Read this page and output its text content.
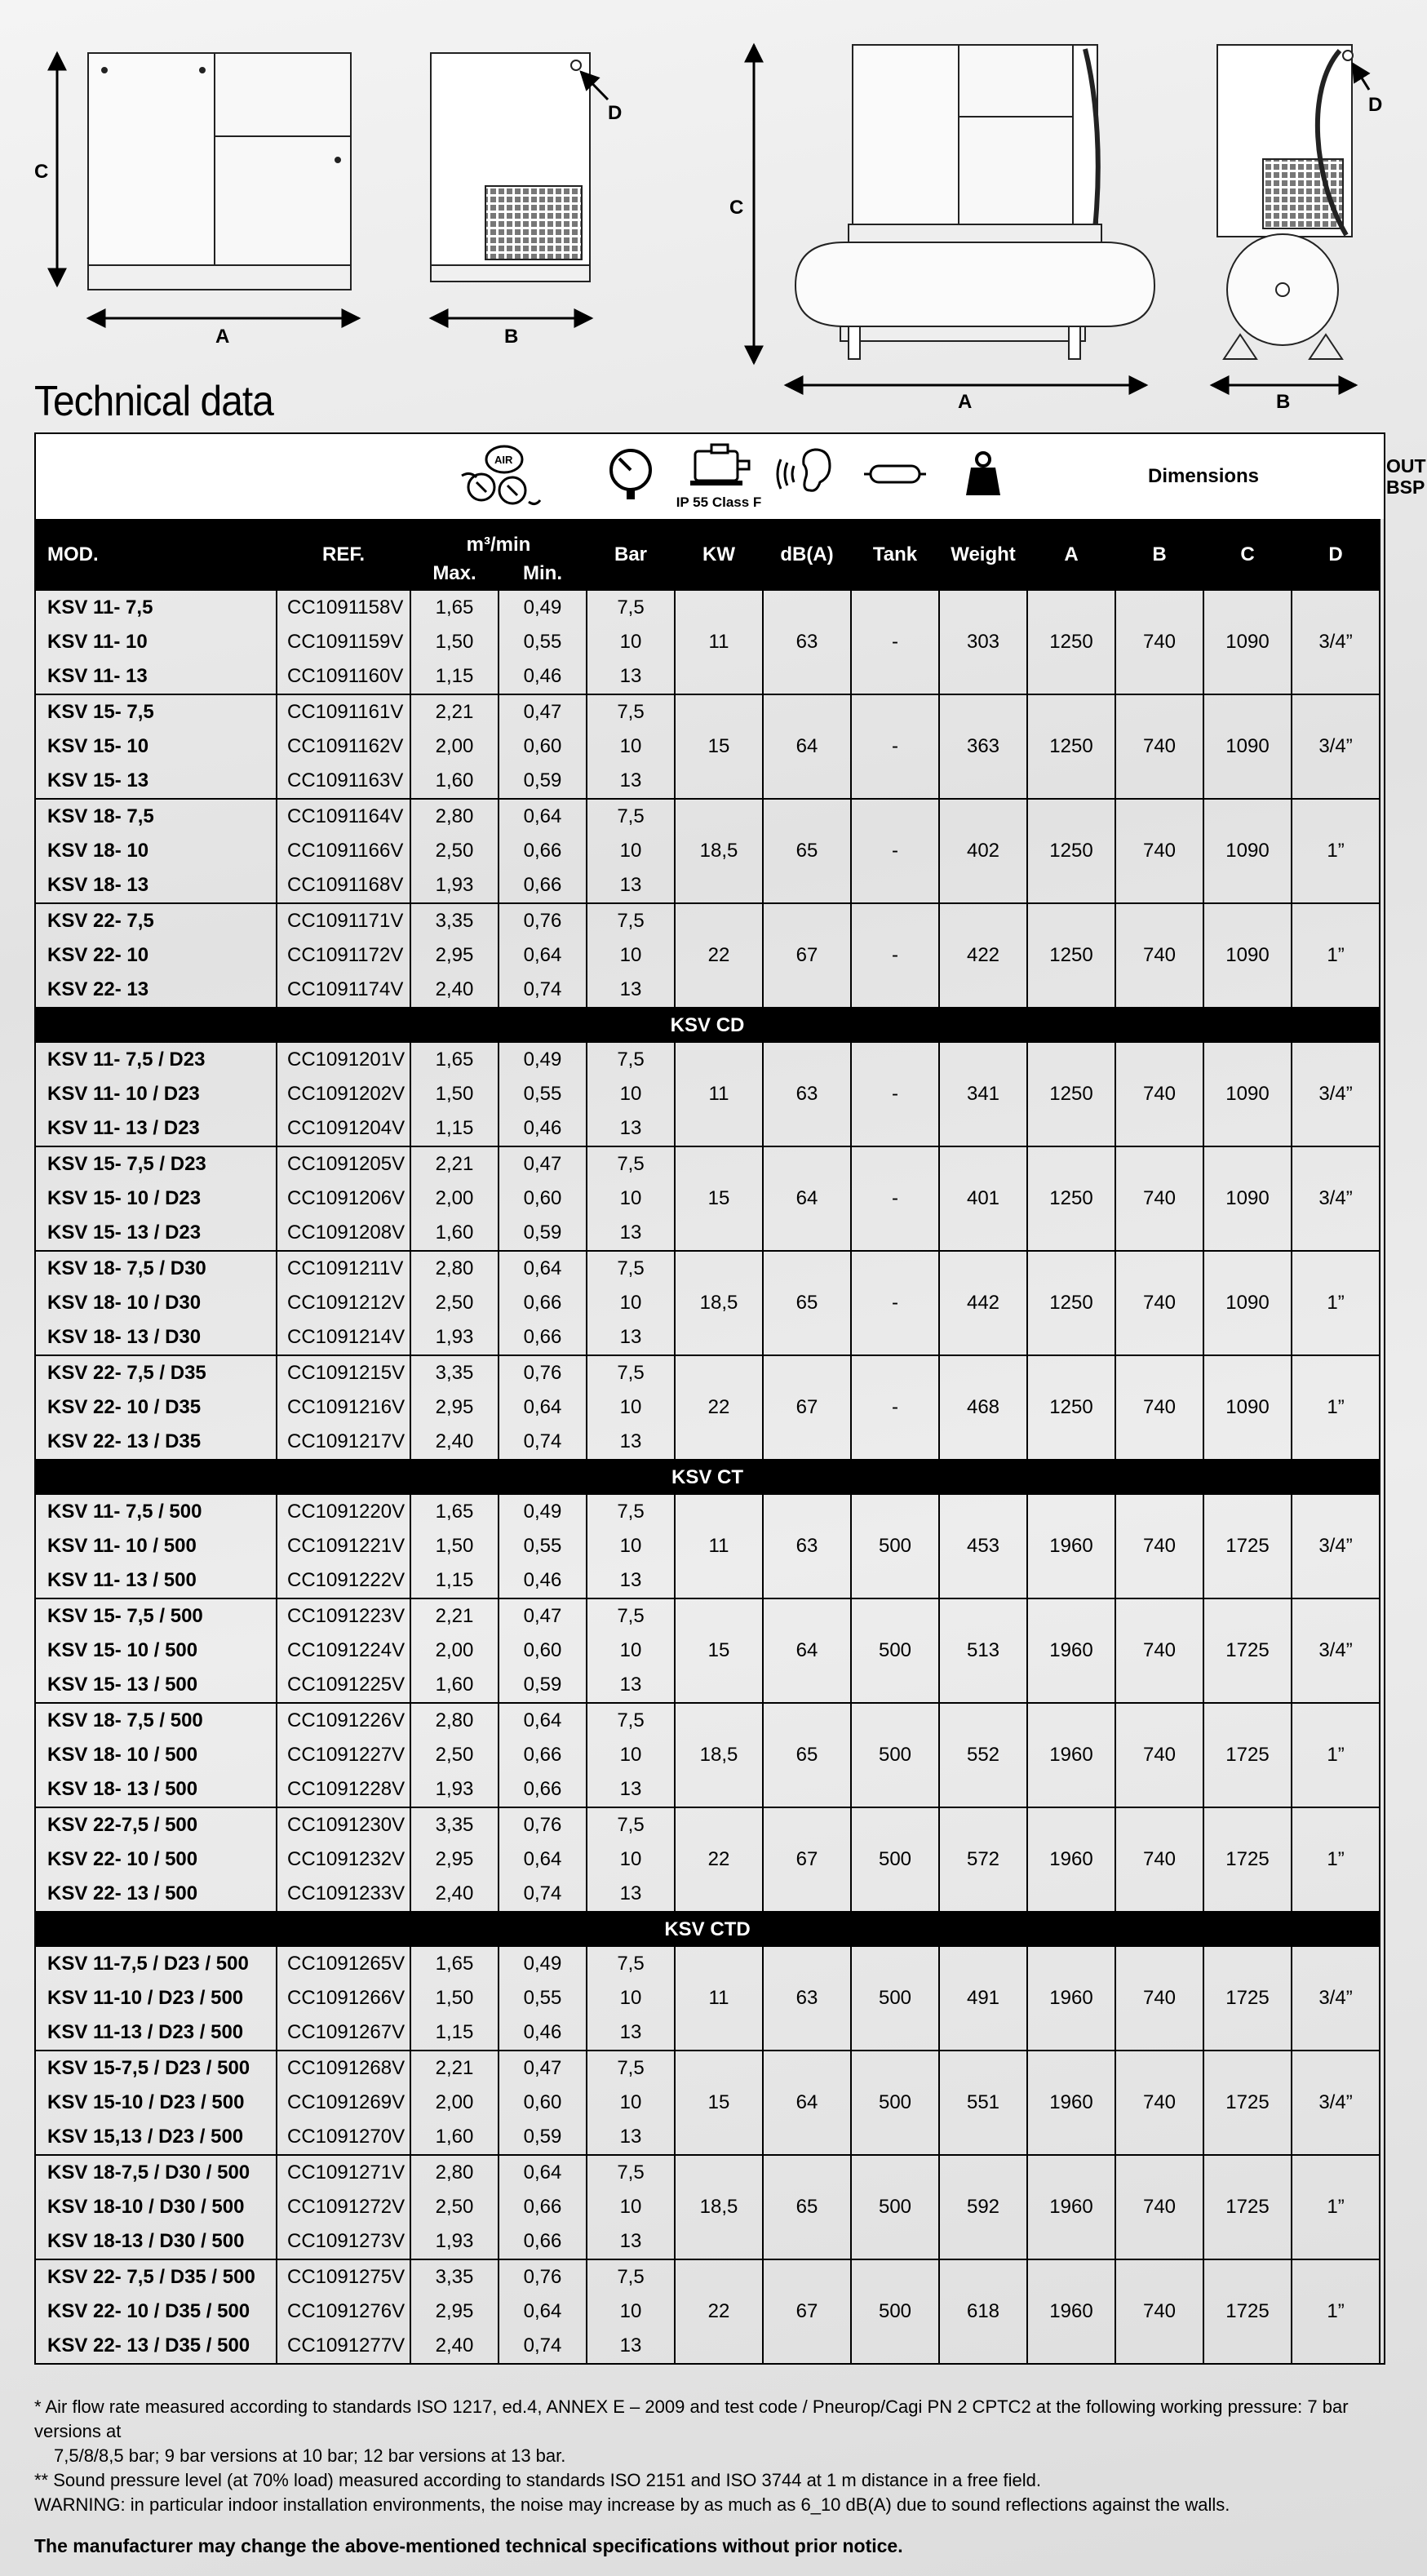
C
A
D
B
C
A
D
B
Technical data

AIR			IP 55 Class F				Dimensions				OUT BSP
MOD.	REF.	m³/min		Bar	KW	dB(A)	Tank	Weight	A	B	C	D	
		Max.	Min.										
KSV 11- 7,5	CC1091158V	1,65	0,49	7,5	11	63	-	303	1250	740	1090	3/4”	
KSV 11- 10	CC1091159V	1,50	0,55	10									
KSV 11- 13	CC1091160V	1,15	0,46	13									
KSV 15- 7,5	CC1091161V	2,21	0,47	7,5	15	64	-	363	1250	740	1090	3/4”	
KSV 15- 10	CC1091162V	2,00	0,60	10									
KSV 15- 13	CC1091163V	1,60	0,59	13									
KSV 18- 7,5	CC1091164V	2,80	0,64	7,5	18,5	65	-	402	1250	740	1090	1”	
KSV 18- 10	CC1091166V	2,50	0,66	10									
KSV 18- 13	CC1091168V	1,93	0,66	13									
KSV 22- 7,5	CC1091171V	3,35	0,76	7,5	22	67	-	422	1250	740	1090	1”	
KSV 22- 10	CC1091172V	2,95	0,64	10									
KSV 22- 13	CC1091174V	2,40	0,74	13									
KSV CD													
KSV 11- 7,5 / D23	CC1091201V	1,65	0,49	7,5	11	63	-	341	1250	740	1090	3/4”	
KSV 11- 10 / D23	CC1091202V	1,50	0,55	10									
KSV 11- 13 / D23	CC1091204V	1,15	0,46	13									
KSV 15- 7,5 / D23	CC1091205V	2,21	0,47	7,5	15	64	-	401	1250	740	1090	3/4”	
KSV 15- 10 / D23	CC1091206V	2,00	0,60	10									
KSV 15- 13 / D23	CC1091208V	1,60	0,59	13									
KSV 18- 7,5 / D30	CC1091211V	2,80	0,64	7,5	18,5	65	-	442	1250	740	1090	1”	
KSV 18- 10 / D30	CC1091212V	2,50	0,66	10									
KSV 18- 13 / D30	CC1091214V	1,93	0,66	13									
KSV 22- 7,5 / D35	CC1091215V	3,35	0,76	7,5	22	67	-	468	1250	740	1090	1”	
KSV 22- 10 / D35	CC1091216V	2,95	0,64	10									
KSV 22- 13 / D35	CC1091217V	2,40	0,74	13									
KSV CT													
KSV 11- 7,5 / 500	CC1091220V	1,65	0,49	7,5	11	63	500	453	1960	740	1725	3/4”	
KSV 11- 10 / 500	CC1091221V	1,50	0,55	10									
KSV 11- 13 / 500	CC1091222V	1,15	0,46	13									
KSV 15- 7,5 / 500	CC1091223V	2,21	0,47	7,5	15	64	500	513	1960	740	1725	3/4”	
KSV 15- 10 / 500	CC1091224V	2,00	0,60	10									
KSV 15- 13 / 500	CC1091225V	1,60	0,59	13									
KSV 18- 7,5 / 500	CC1091226V	2,80	0,64	7,5	18,5	65	500	552	1960	740	1725	1”	
KSV 18- 10 / 500	CC1091227V	2,50	0,66	10									
KSV 18- 13 / 500	CC1091228V	1,93	0,66	13									
KSV 22-7,5 / 500	CC1091230V	3,35	0,76	7,5	22	67	500	572	1960	740	1725	1”	
KSV 22- 10 / 500	CC1091232V	2,95	0,64	10									
KSV 22- 13 / 500	CC1091233V	2,40	0,74	13									
KSV CTD													
KSV 11-7,5 / D23 / 500	CC1091265V	1,65	0,49	7,5	11	63	500	491	1960	740	1725	3/4”	
KSV 11-10 / D23 / 500	CC1091266V	1,50	0,55	10									
KSV 11-13 / D23 / 500	CC1091267V	1,15	0,46	13									
KSV 15-7,5 / D23 / 500	CC1091268V	2,21	0,47	7,5	15	64	500	551	1960	740	1725	3/4”	
KSV 15-10 / D23 / 500	CC1091269V	2,00	0,60	10									
KSV 15,13 / D23 / 500	CC1091270V	1,60	0,59	13									
KSV 18-7,5 / D30 / 500	CC1091271V	2,80	0,64	7,5	18,5	65	500	592	1960	740	1725	1”	
KSV 18-10 / D30 / 500	CC1091272V	2,50	0,66	10									
KSV 18-13 / D30 / 500	CC1091273V	1,93	0,66	13									
KSV 22- 7,5 / D35 / 500	CC1091275V	3,35	0,76	7,5	22	67	500	618	1960	740	1725	1”	
KSV 22- 10 / D35 / 500	CC1091276V	2,95	0,64	10									
KSV 22- 13 / D35 / 500	CC1091277V	2,40	0,74	13									

* Air flow rate measured according to standards ISO 1217, ed.4, ANNEX E – 2009 and test code / Pneurop/Cagi PN 2 CPTC2 at the following working pressure: 7 bar versions at

7,5/8/8,5 bar; 9 bar versions at 10 bar; 12 bar versions at 13 bar.

** Sound pressure level (at 70% load) measured according to standards ISO 2151 and ISO 3744 at 1 m distance in a free field.

WARNING: in particular indoor installation environments, the noise may increase by as much as 6_10 dB(A) due to sound reflections against the walls.

The manufacturer may change the above-mentioned technical specifications without prior notice.
